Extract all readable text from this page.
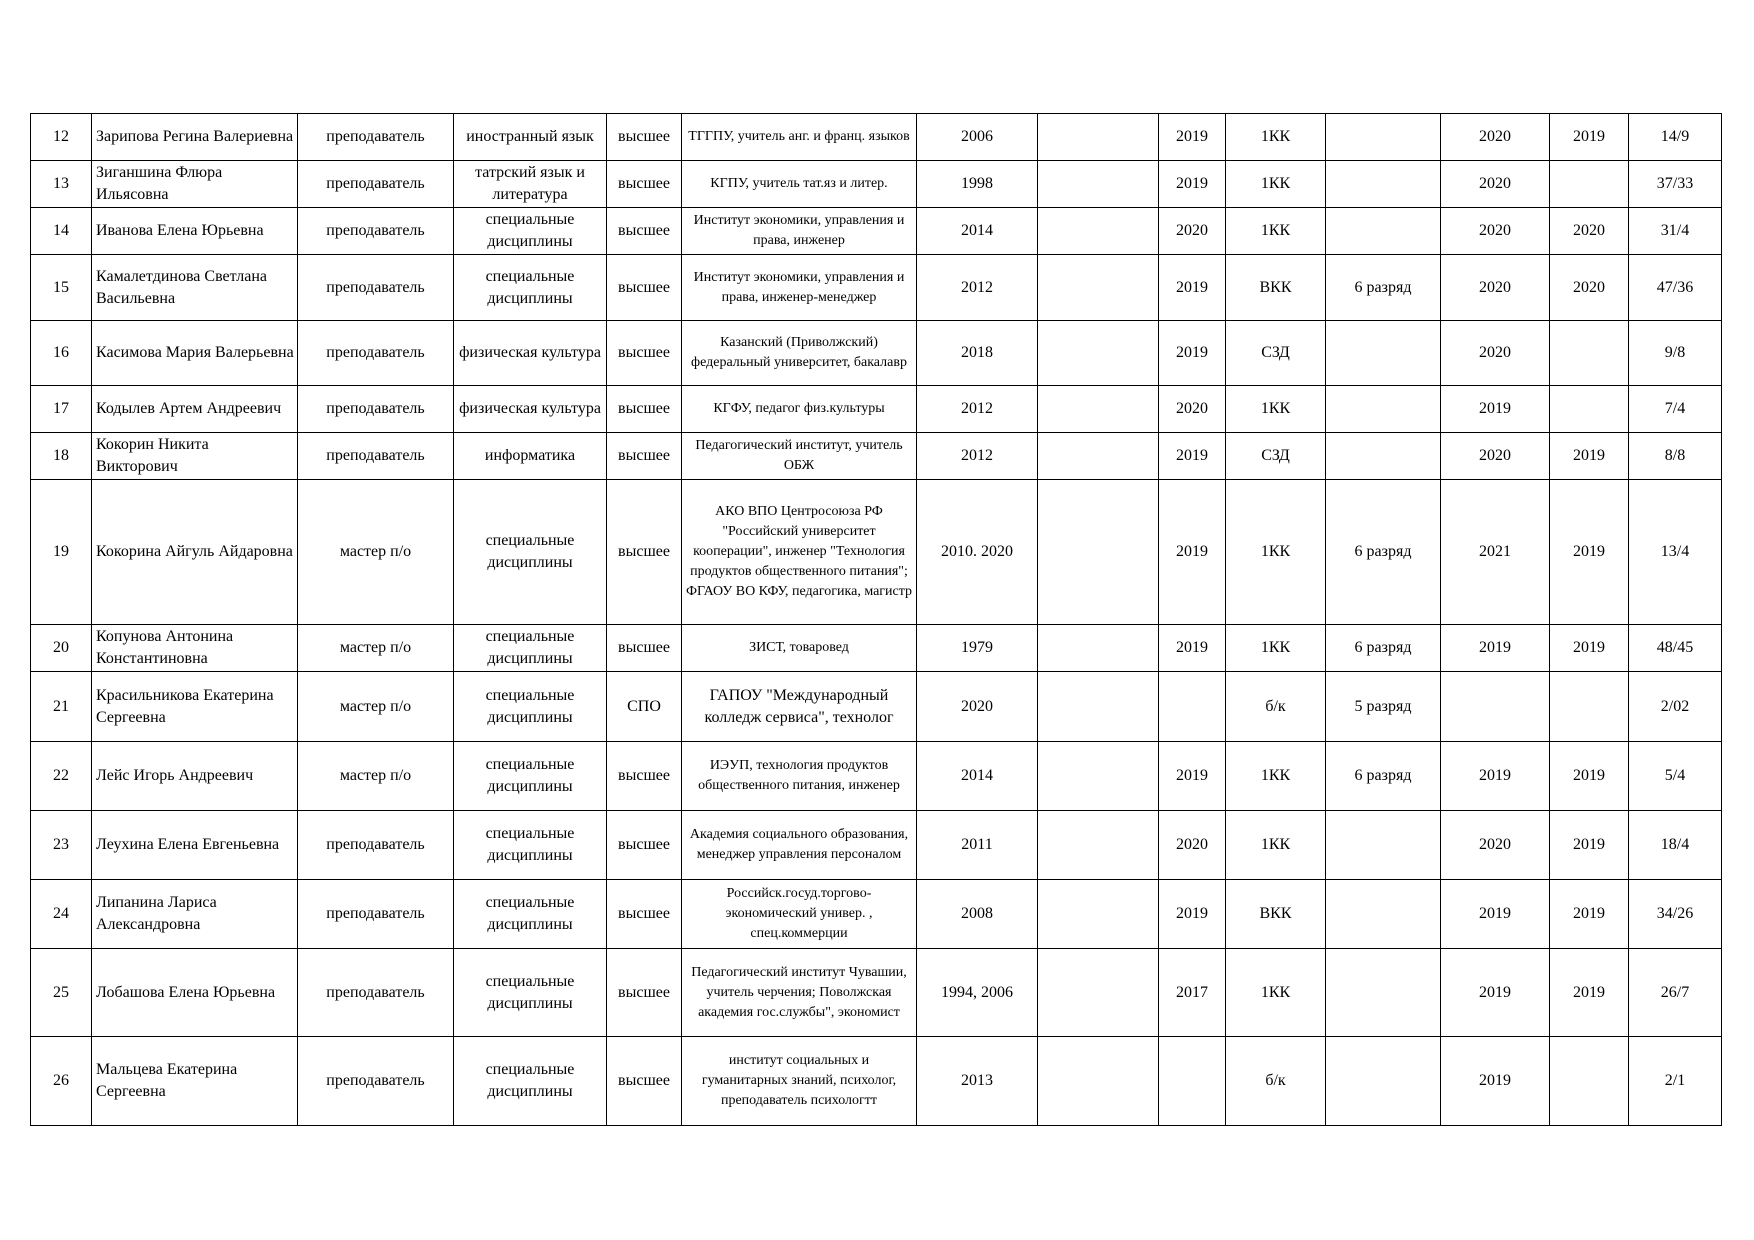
12	Зарипова Регина Валериевна	преподаватель	иностранный язык	высшее	ТГГПУ, учитель анг. и франц. языков	2006		2019	1КК		2020	2019	14/9
13	Зиганшина Флюра Ильясовна	преподаватель	татрский язык и литература	высшее	КГПУ, учитель тат.яз и литер.	1998		2019	1КК		2020		37/33
14	Иванова Елена Юрьевна	преподаватель	специальные дисциплины	высшее	Институт экономики, управления и права, инженер	2014		2020	1КК		2020	2020	31/4
15	Камалетдинова Светлана Васильевна	преподаватель	специальные дисциплины	высшее	Институт экономики, управления и права, инженер-менеджер	2012		2019	ВКК	6 разряд	2020	2020	47/36
16	Касимова Мария Валерьевна	преподаватель	физическая культура	высшее	Казанский (Приволжский) федеральный университет, бакалавр	2018		2019	СЗД		2020		9/8
17	Кодылев Артем Андреевич	преподаватель	физическая культура	высшее	КГФУ, педагог физ.культуры	2012		2020	1КК		2019		7/4
18	Кокорин Никита Викторович	преподаватель	информатика	высшее	Педагогический институт, учитель ОБЖ	2012		2019	СЗД		2020	2019	8/8
19	Кокорина Айгуль Айдаровна	мастер п/о	специальные дисциплины	высшее	АКО ВПО Центросоюза РФ "Российский университет кооперации", инженер "Технология продуктов общественного питания"; ФГАОУ ВО КФУ, педагогика, магистр	2010. 2020		2019	1КК	6 разряд	2021	2019	13/4
20	Копунова Антонина Константиновна	мастер п/о	специальные дисциплины	высшее	ЗИСТ, товаровед	1979		2019	1КК	6 разряд	2019	2019	48/45
21	Красильникова Екатерина Сергеевна	мастер п/о	специальные дисциплины	СПО	ГАПОУ "Международный колледж сервиса", технолог	2020			б/к	5 разряд			2/02
22	Лейс Игорь Андреевич	мастер п/о	специальные дисциплины	высшее	ИЭУП, технология продуктов общественного питания, инженер	2014		2019	1КК	6 разряд	2019	2019	5/4
23	Леухина Елена Евгеньевна	преподаватель	специальные дисциплины	высшее	Академия социального образования, менеджер управления персоналом	2011		2020	1КК		2020	2019	18/4
24	Липанина Лариса Александровна	преподаватель	специальные дисциплины	высшее	Российск.госуд.торгово-экономический универ. , спец.коммерции	2008		2019	ВКК		2019	2019	34/26
25	Лобашова Елена Юрьевна	преподаватель	специальные дисциплины	высшее	Педагогический институт Чувашии, учитель черчения; Поволжская академия гос.службы", экономист	1994, 2006		2017	1КК		2019	2019	26/7
26	Мальцева Екатерина Сергеевна	преподаватель	специальные дисциплины	высшее	институт социальных и гуманитарных знаний, психолог, преподаватель психологтт	2013			б/к		2019		2/1
